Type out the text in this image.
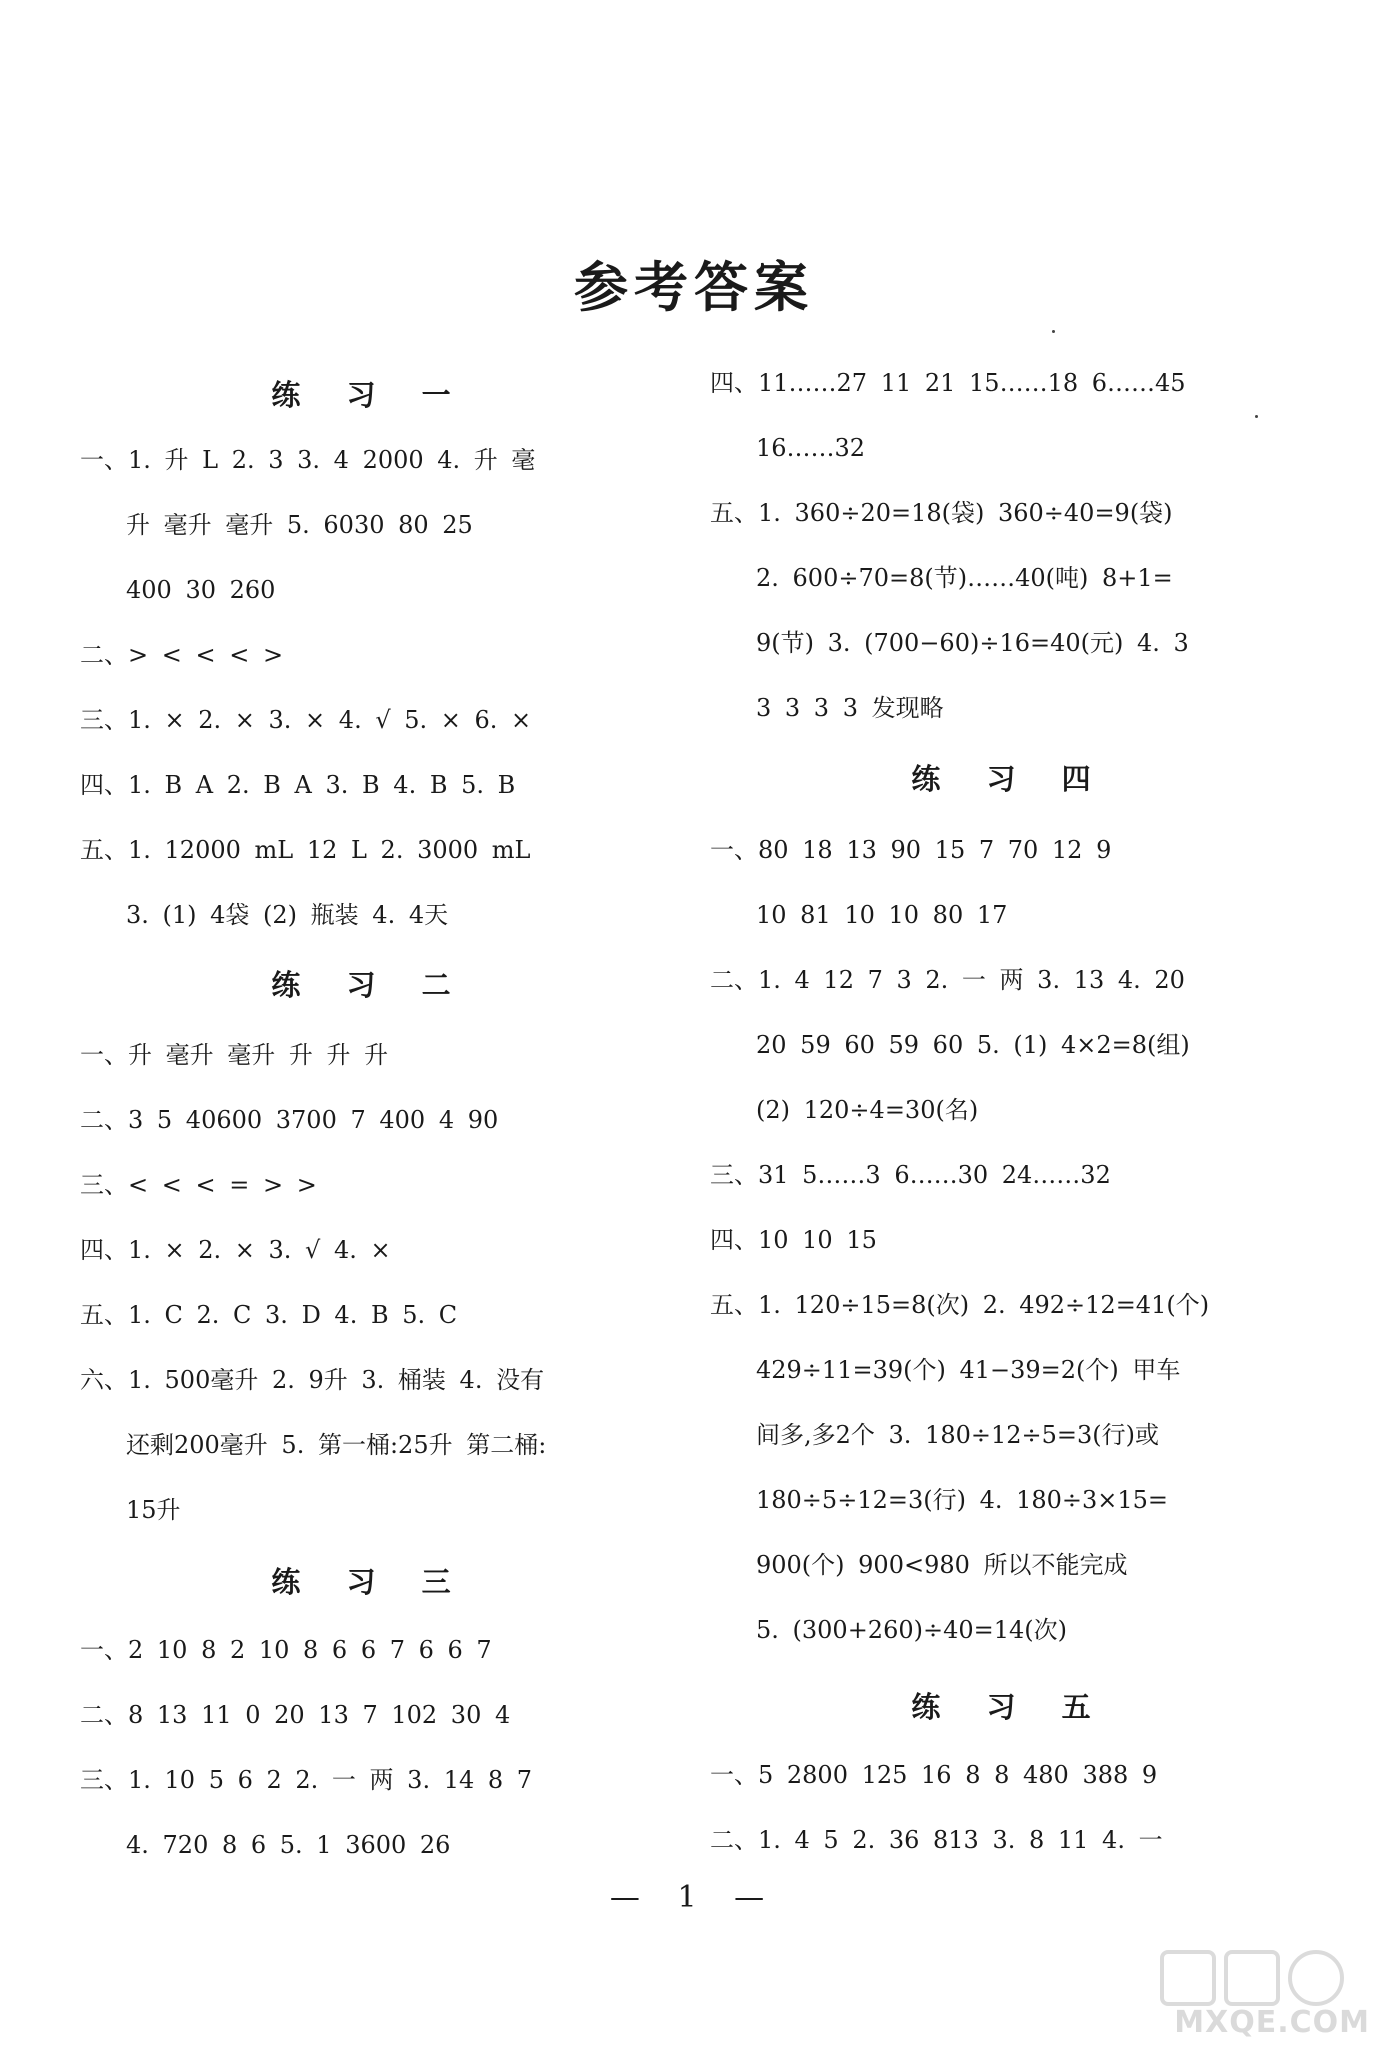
参考答案
练 习 一
一、1. 升 L 2. 3 3. 4 2000 4. 升 毫
升 毫升 毫升 5. 6030 80 25
400 30 260
二、> < < < >
三、1. × 2. × 3. × 4. √ 5. × 6. ×
四、1. B A 2. B A 3. B 4. B 5. B
五、1. 12000 mL 12 L 2. 3000 mL
3. (1) 4袋 (2) 瓶装 4. 4天
练 习 二
一、升 毫升 毫升 升 升 升
二、3 5 40600 3700 7 400 4 90
三、< < < = > >
四、1. × 2. × 3. √ 4. ×
五、1. C 2. C 3. D 4. B 5. C
六、1. 500毫升 2. 9升 3. 桶装 4. 没有
还剩200毫升 5. 第一桶:25升 第二桶:
15升
练 习 三
一、2 10 8 2 10 8 6 6 7 6 6 7
二、8 13 11 0 20 13 7 102 30 4
三、1. 10 5 6 2 2. 一 两 3. 14 8 7
4. 720 8 6 5. 1 3600 26
四、11……27 11 21 15……18 6……45
16……32
五、1. 360÷20=18(袋) 360÷40=9(袋)
2. 600÷70=8(节)……40(吨) 8+1=
9(节) 3. (700−60)÷16=40(元) 4. 3
3 3 3 3 发现略
练 习 四
一、80 18 13 90 15 7 70 12 9
10 81 10 10 80 17
二、1. 4 12 7 3 2. 一 两 3. 13 4. 20
20 59 60 59 60 5. (1) 4×2=8(组)
(2) 120÷4=30(名)
三、31 5……3 6……30 24……32
四、10 10 15
五、1. 120÷15=8(次) 2. 492÷12=41(个)
429÷11=39(个) 41−39=2(个) 甲车
间多,多2个 3. 180÷12÷5=3(行)或
180÷5÷12=3(行) 4. 180÷3×15=
900(个) 900<980 所以不能完成
5. (300+260)÷40=14(次)
练 习 五
一、5 2800 125 16 8 8 480 388 9
二、1. 4 5 2. 36 813 3. 8 11 4. 一
— 1 —
MXQE.COM
